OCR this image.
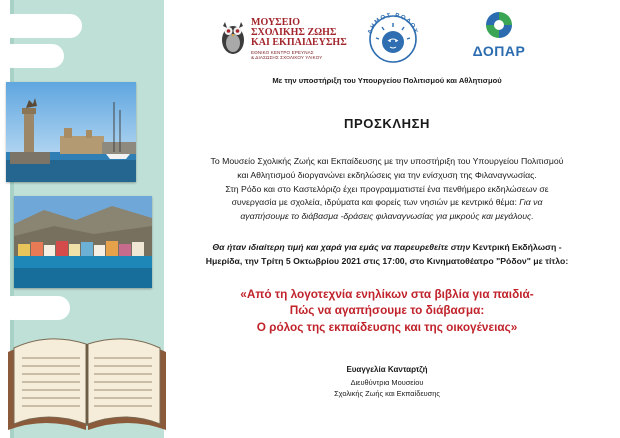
ΜΟΥΣΕΙΟ
ΣΧΟΛΙΚΗΣ ΖΩΗΣ
ΚΑΙ ΕΚΠΑΙΔΕΥΣΗΣ
ΕΘΝΙΚΟ ΚΕΝΤΡΟ ΕΡΕΥΝΑΣ
& ΔΙΑΣΩΣΗΣ ΣΧΟΛΙΚΟΥ ΥΛΙΚΟΥ
ΔΗΜΟΣ ΡΟΔΟΥ
ΔΟΠΑΡ
Με την υποστήριξη του Υπουργείου Πολιτισμού και Αθλητισμού
ΠΡΟΣΚΛΗΣΗ
Το Μουσείο Σχολικής Ζωής και Εκπαίδευσης με την υποστήριξη του Υπουργείου Πολιτισμού
και Αθλητισμού διοργανώνει εκδηλώσεις για την ενίσχυση της Φιλαναγνωσίας.
Στη Ρόδο και στο Καστελόριζο έχει προγραμματιστεί ένα πενθήμερο εκδηλώσεων σε
συνεργασία με σχολεία, ιδρύματα και φορείς των νησιών με κεντρικό θέμα: Για να
αγαπήσουμε το διάβασμα -δράσεις φιλαναγνωσίας για μικρούς και μεγάλους.
Θα ήταν ιδιαίτερη τιμή και χαρά για εμάς να παρευρεθείτε στην Κεντρική Εκδήλωση -
Ημερίδα, την Τρίτη 5 Οκτωβρίου 2021 στις 17:00, στο Κινηματοθέατρο "Ρόδον" με τίτλο:
«Από τη λογοτεχνία ενηλίκων στα βιβλία για παιδιά-
Πώς να αγαπήσουμε το διάβασμα:
Ο ρόλος της εκπαίδευσης και της οικογένειας»
Ευαγγελία Κανταρτζή
Διευθύντρια Μουσείου
Σχολικής Ζωής και Εκπαίδευσης
